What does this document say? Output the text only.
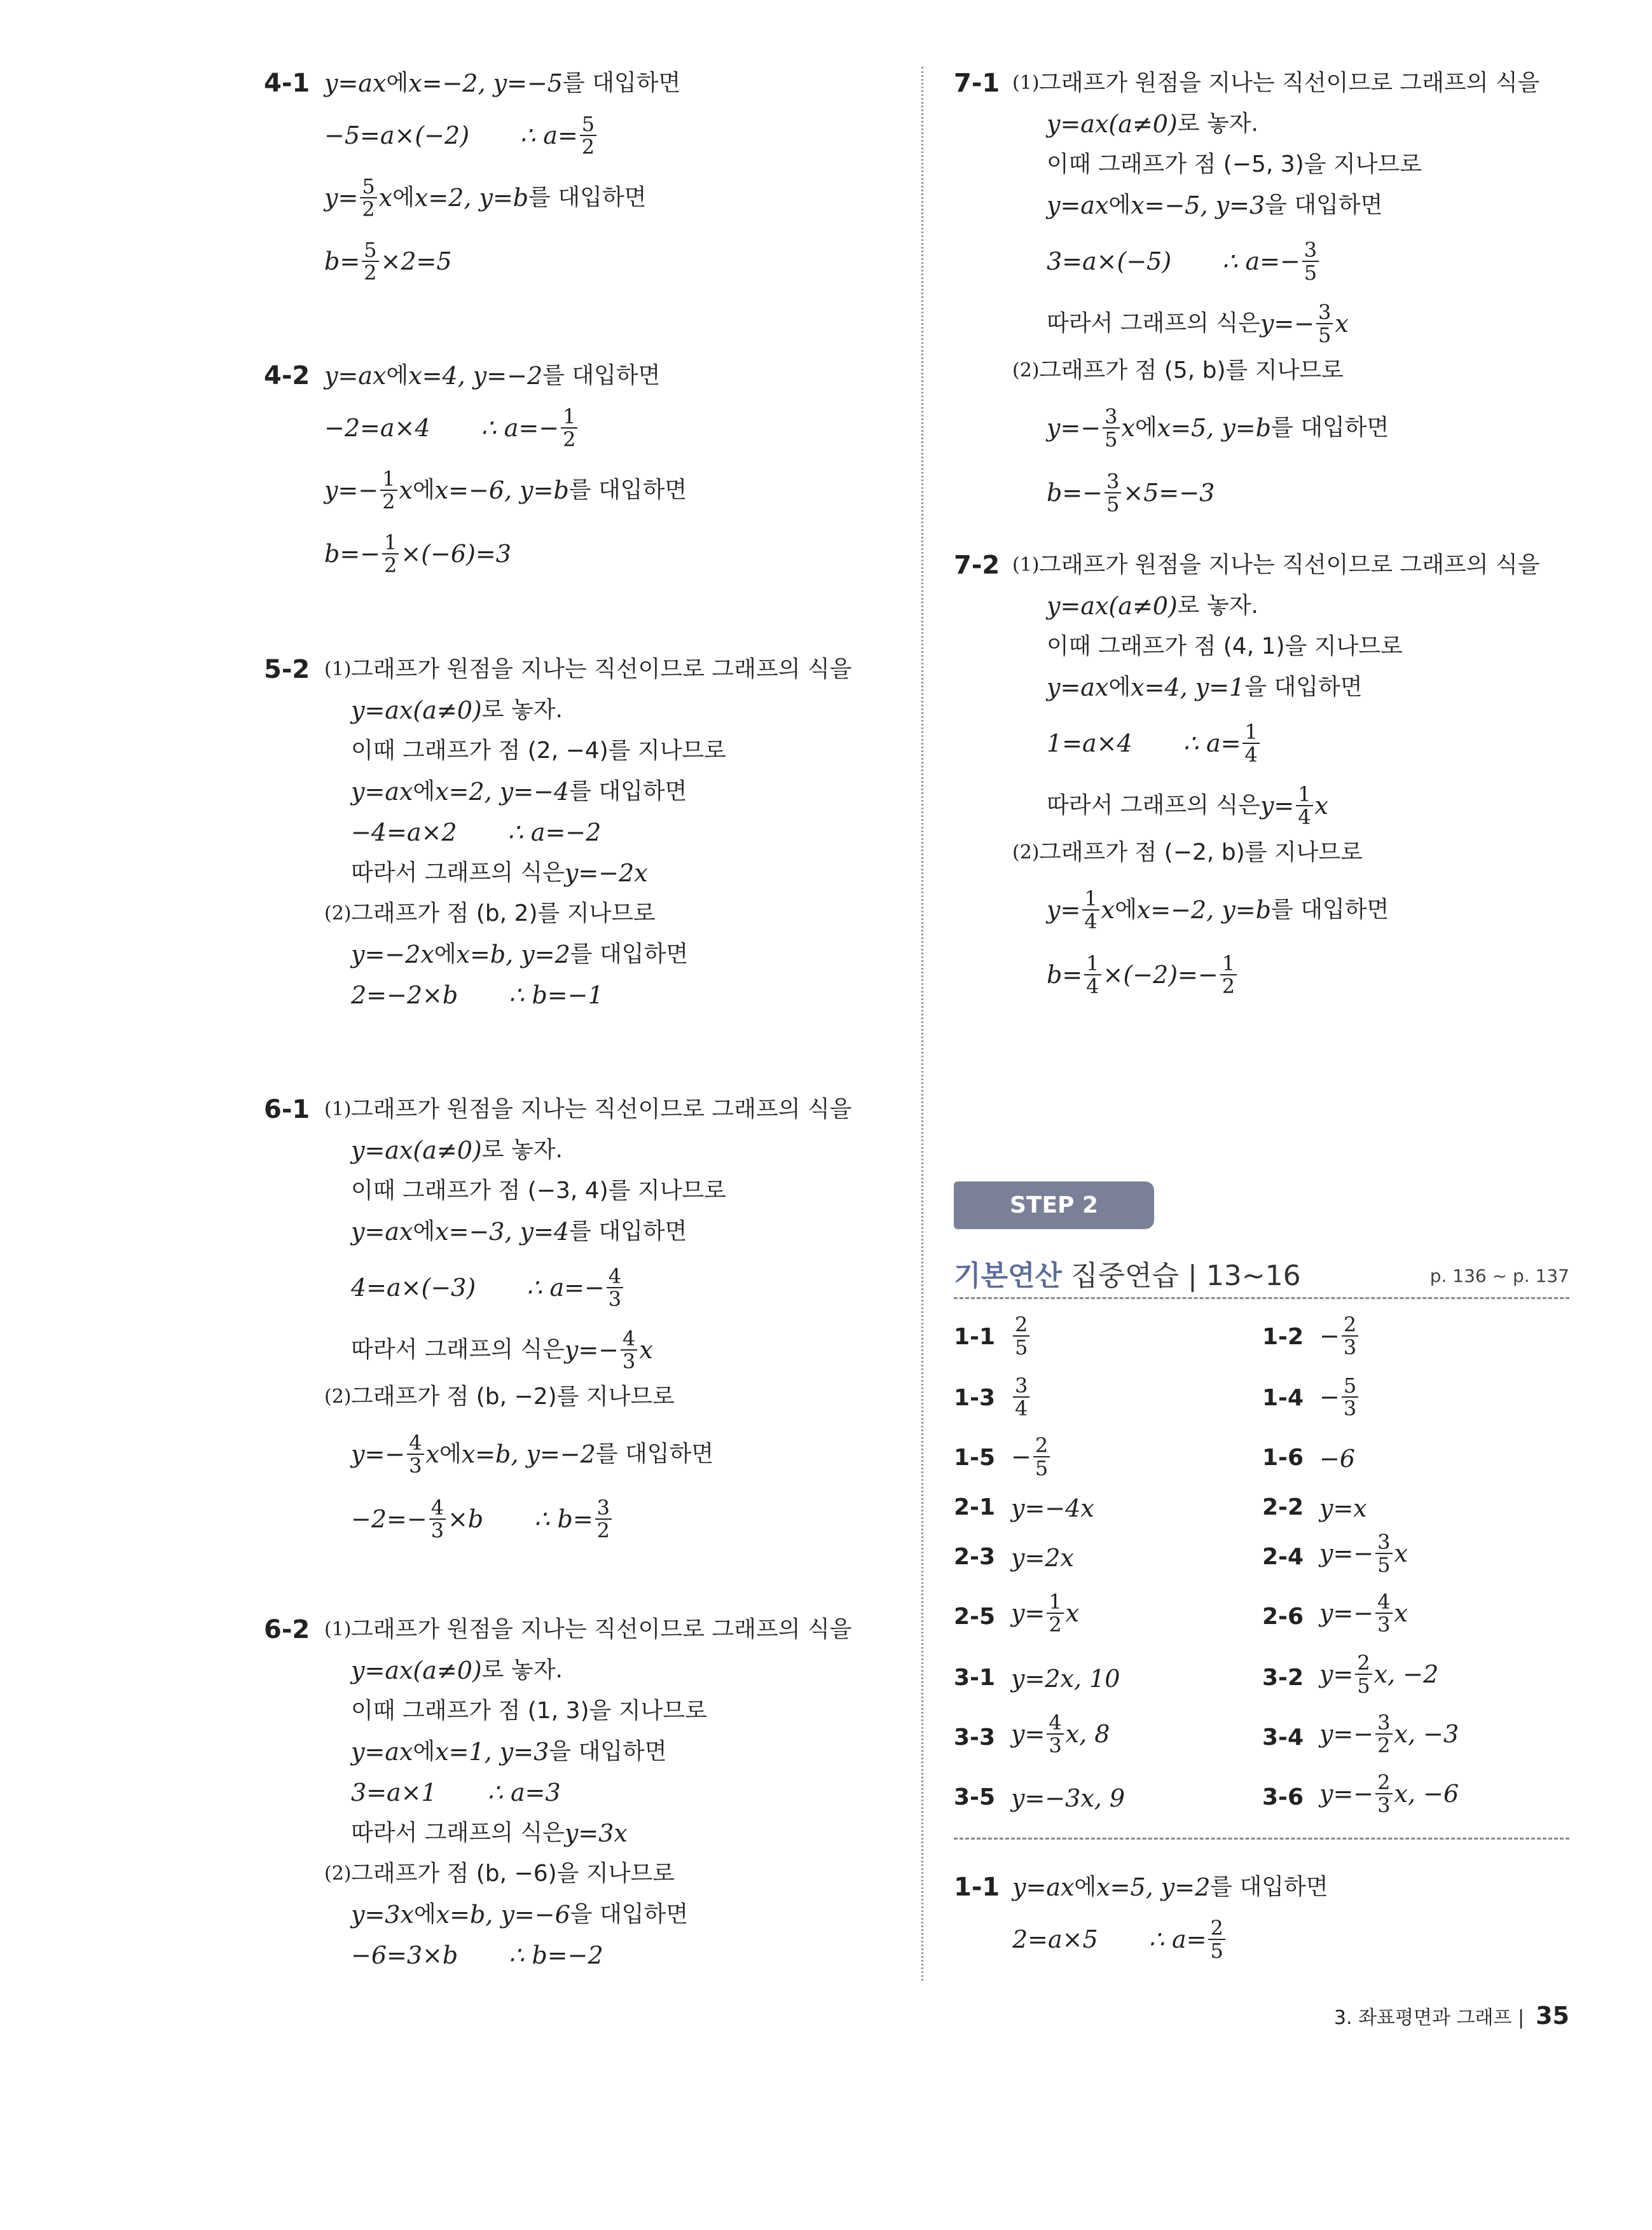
4-1 y=ax 에 x=−2, y=−5 를 대입하면
−5=a×(−2) ∴ $a= \frac{5}{2}$
$y= \frac{5}{2}$ x 에 x=2, y=b 를 대입하면
$b= \frac{5}{2} \times 2=5$
4-2 y=ax 에 x=4, y=−2 를 대입하면
−2=a×4 ∴ $a=- \frac{1}{2}$
$y=- \frac{1}{2}$ x 에 x=−6, y=b 를 대입하면
$b=- \frac{1}{2} \times(-6)=3$
5-2 (1) 그래프가 원점을 지나는 직선이므로 그래프의 식을
y=ax(a≠0) 로 놓자.
이때 그래프가 점 (2, −4)를 지나므로
y=ax 에 x=2, y=−4 를 대입하면
−4=a×2 ∴ a=−2
따라서 그래프의 식은 y=−2x
(2) 그래프가 점 (b, 2)를 지나므로
y=−2x 에 x=b, y=2 를 대입하면
2=−2×b ∴ b=−1
6-1 (1) 그래프가 원점을 지나는 직선이므로 그래프의 식을
y=ax(a≠0) 로 놓자.
이때 그래프가 점 (−3, 4)를 지나므로
y=ax 에 x=−3, y=4 를 대입하면
4=a×(−3) ∴ $a=- \frac{4}{3}$
따라서 그래프의 식은 $y=- \frac{4}{3}$ x
(2) 그래프가 점 (b, −2)를 지나므로
$y=- \frac{4}{3}$ x 에 x=b, y=−2 를 대입하면
$-2=- \frac{4}{3} \times b$ ∴ $b= \frac{3}{2}$
6-2 (1) 그래프가 원점을 지나는 직선이므로 그래프의 식을
y=ax(a≠0) 로 놓자.
이때 그래프가 점 (1, 3)을 지나므로
y=ax 에 x=1, y=3 을 대입하면
3=a×1 ∴ a=3
따라서 그래프의 식은 y=3x
(2) 그래프가 점 (b, −6)을 지나므로
y=3x 에 x=b, y=−6 을 대입하면
−6=3×b ∴ b=−2
7-1 (1) 그래프가 원점을 지나는 직선이므로 그래프의 식을
y=ax(a≠0) 로 놓자.
이때 그래프가 점 (−5, 3)을 지나므로
y=ax 에 x=−5, y=3 을 대입하면
3=a×(−5) ∴ $a=- \frac{3}{5}$
따라서 그래프의 식은 $y=- \frac{3}{5}$ x
(2) 그래프가 점 (5, b)를 지나므로
$y=- \frac{3}{5}$ x 에 x=5, y=b 를 대입하면
$b=- \frac{3}{5} \times 5=-3$
7-2 (1) 그래프가 원점을 지나는 직선이므로 그래프의 식을
y=ax(a≠0) 로 놓자.
이때 그래프가 점 (4, 1)을 지나므로
y=ax 에 x=4, y=1 을 대입하면
1=a×4 ∴ $a= \frac{1}{4}$
따라서 그래프의 식은 $y= \frac{1}{4}$ x
(2) 그래프가 점 (−2, b)를 지나므로
$y= \frac{1}{4}$ x 에 x=−2, y=b 를 대입하면
$b= \frac{1}{4} \times(-2)=- \frac{1}{2}$
STEP 2
기본연산 집중연습 | 13~16	p. 136 ~ p. 137
$1-1 \frac{2}{5}$	$1-2 - \frac{2}{3}$
$1-3 \frac{3}{4}$	$1-4 - \frac{5}{3}$
$1-5 - \frac{2}{5}$	1-6 −6
2-1 y=−4x	2-2 y=x
2-3 y=2x	2-4 $y=- \frac{3}{5}$ x
2-5 $y= \frac{1}{2}$ x	2-6 $y=- \frac{4}{3}$ x
3-1 y=2x, 10	3-2 $y= \frac{2}{5} x$, −2
3-3 $y= \frac{4}{3} x$, 8	3-4 $y=- \frac{3}{2} x$, −3
3-5 y=−3x, 9	3-6 $y=- \frac{2}{3} x$, −6
1-1 y=ax 에 x=5, y=2 를 대입하면
2=a×5 ∴ $a= \frac{2}{5}$
3. 좌표평면과 그래프 | 35
